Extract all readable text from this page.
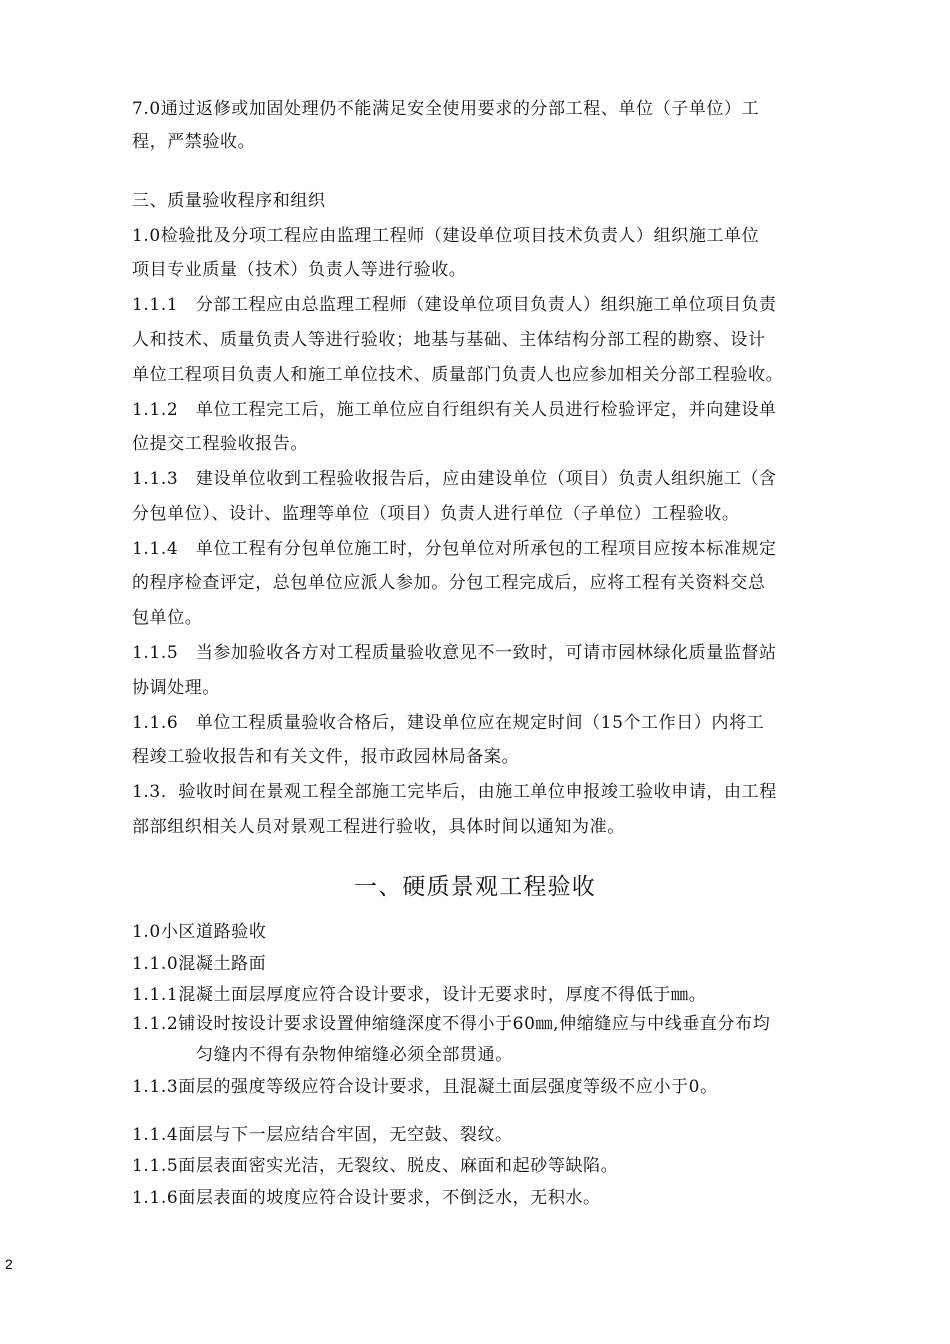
7.0通过返修或加固处理仍不能满足安全使用要求的分部工程、单位（子单位）工
程，严禁验收。
三、质量验收程序和组织
1.0检验批及分项工程应由监理工程师（建设单位项目技术负责人）组织施工单位
项目专业质量（技术）负责人等进行验收。
1.1.1　分部工程应由总监理工程师（建设单位项目负责人）组织施工单位项目负责
人和技术、质量负责人等进行验收；地基与基础、主体结构分部工程的勘察、设计
单位工程项目负责人和施工单位技术、质量部门负责人也应参加相关分部工程验收。
1.1.2　单位工程完工后，施工单位应自行组织有关人员进行检验评定，并向建设单
位提交工程验收报告。
1.1.3　建设单位收到工程验收报告后，应由建设单位（项目）负责人组织施工（含
分包单位）、设计、监理等单位（项目）负责人进行单位（子单位）工程验收。
1.1.4　单位工程有分包单位施工时，分包单位对所承包的工程项目应按本标准规定
的程序检查评定，总包单位应派人参加。分包工程完成后，应将工程有关资料交总
包单位。
1.1.5　当参加验收各方对工程质量验收意见不一致时，可请市园林绿化质量监督站
协调处理。
1.1.6　单位工程质量验收合格后，建设单位应在规定时间（15个工作日）内将工
程竣工验收报告和有关文件，报市政园林局备案。
1.3．验收时间在景观工程全部施工完毕后，由施工单位申报竣工验收申请，由工程
部部组织相关人员对景观工程进行验收，具体时间以通知为准。
一、硬质景观工程验收
1.0小区道路验收
1.1.0混凝土路面
1.1.1混凝土面层厚度应符合设计要求，设计无要求时，厚度不得低于㎜。
1.1.2铺设时按设计要求设置伸缩缝深度不得小于60㎜,伸缩缝应与中线垂直分布均
匀缝内不得有杂物伸缩缝必须全部贯通。
1.1.3面层的强度等级应符合设计要求，且混凝土面层强度等级不应小于0。
1.1.4面层与下一层应结合牢固，无空鼓、裂纹。
1.1.5面层表面密实光洁，无裂纹、脱皮、麻面和起砂等缺陷。
1.1.6面层表面的坡度应符合设计要求，不倒泛水，无积水。
2
